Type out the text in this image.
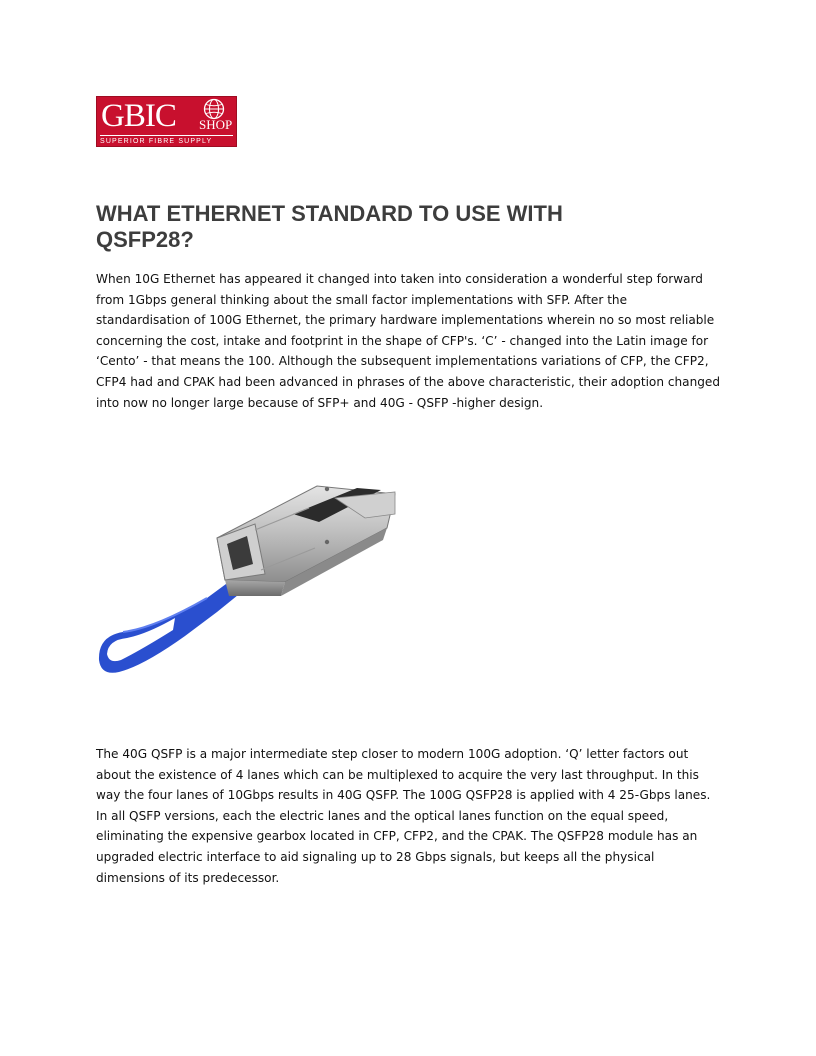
GBIC SHOP
SUPERIOR FIBRE SUPPLY
WHAT ETHERNET STANDARD TO USE WITH QSFP28?

When 10G Ethernet has appeared it changed into taken into consideration a wonderful step forward from 1Gbps general thinking about the small factor implementations with SFP. After the standardisation of 100G Ethernet, the primary hardware implementations wherein no so most reliable concerning the cost, intake and footprint in the shape of CFP's. ‘C’ - changed into the Latin image for ‘Cento’ - that means the 100. Although the subsequent implementations variations of CFP, the CFP2, CFP4 had and CPAK had been advanced in phrases of the above characteristic, their adoption changed into now no longer large because of SFP+ and 40G - QSFP -higher design.

The 40G QSFP is a major intermediate step closer to modern 100G adoption. ‘Q’ letter factors out about the existence of 4 lanes which can be multiplexed to acquire the very last throughput. In this way the four lanes of 10Gbps results in 40G QSFP. The 100G QSFP28 is applied with 4 25-Gbps lanes. In all QSFP versions, each the electric lanes and the optical lanes function on the equal speed, eliminating the expensive gearbox located in CFP, CFP2, and the CPAK. The QSFP28 module has an upgraded electric interface to aid signaling up to 28 Gbps signals, but keeps all the physical dimensions of its predecessor.
